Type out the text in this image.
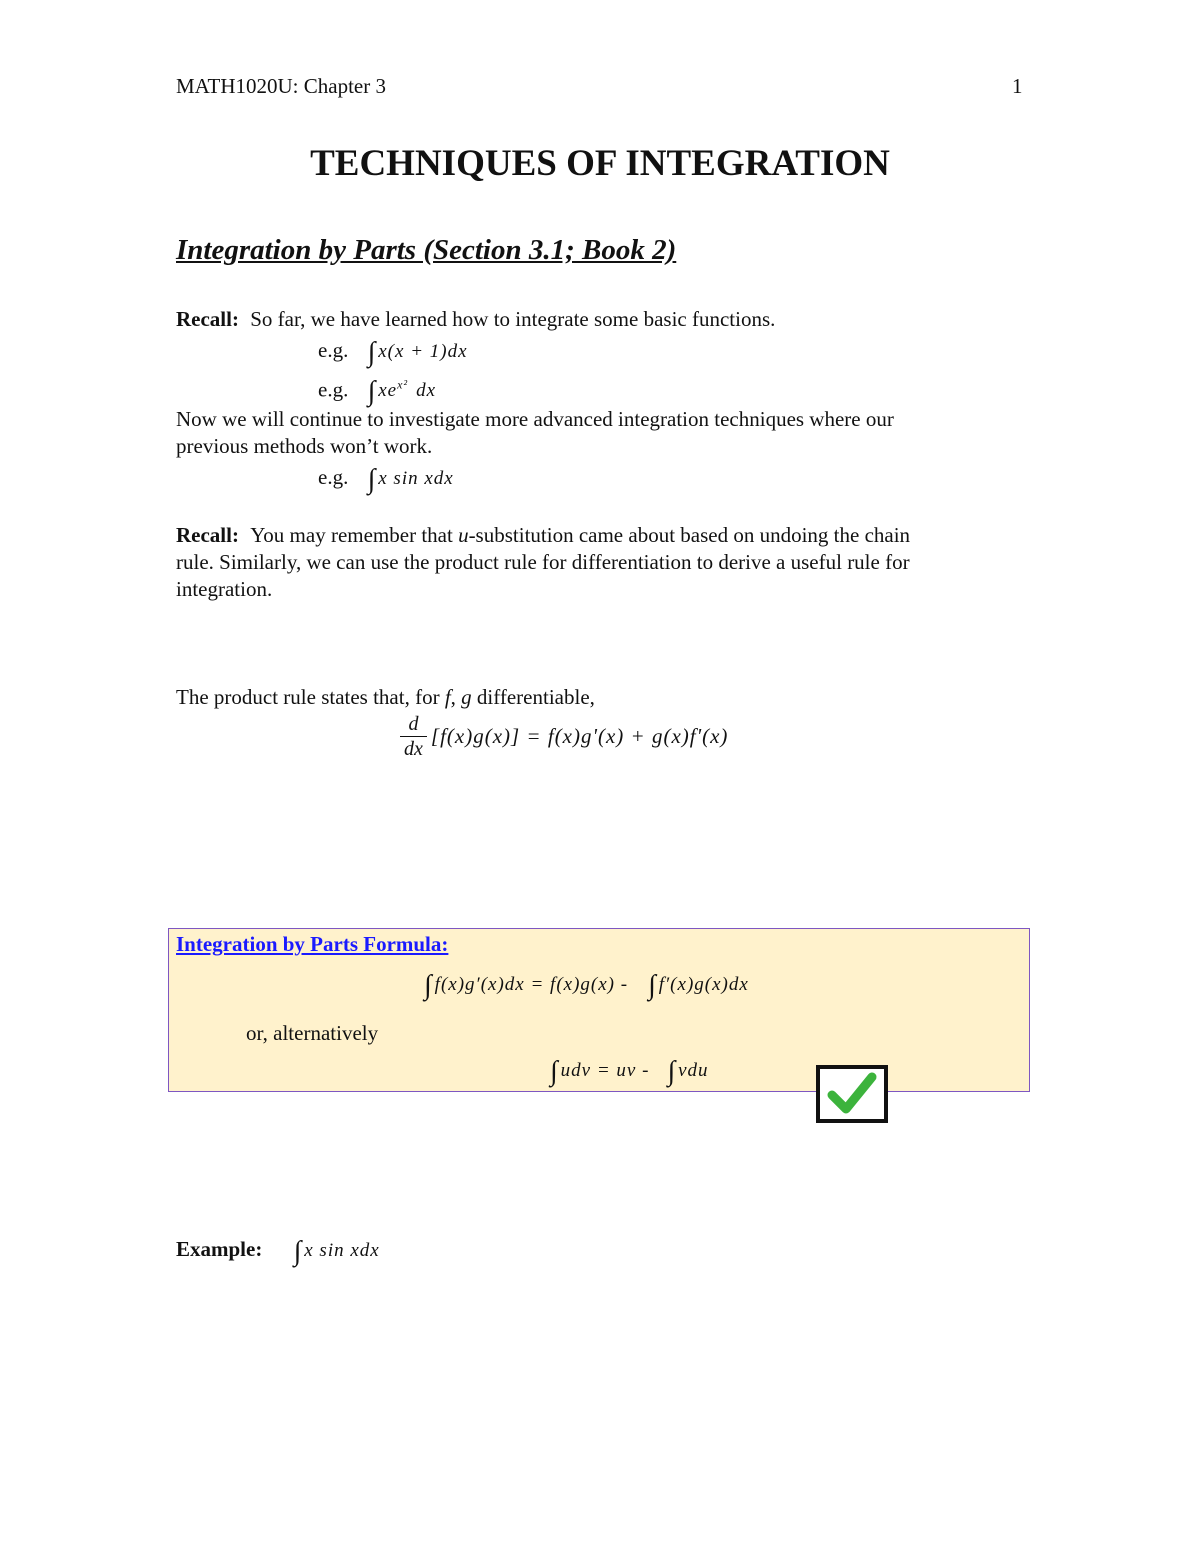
MATH1020U: Chapter 3	1
TECHNIQUES OF INTEGRATION
Integration by Parts (Section 3.1; Book 2)
Recall: So far, we have learned how to integrate some basic functions.
e.g. ∫ x(x + 1)dx
e.g. ∫ $xe^{x^2}$ dx
Now we will continue to investigate more advanced integration techniques where our
previous methods won’t work.
e.g. ∫ x sin xdx
Recall: You may remember that u-substitution came about based on undoing the chain
rule. Similarly, we can use the product rule for differentiation to derive a useful rule for
integration.
The product rule states that, for f, g differentiable,
$\frac{d}{dx} [f(x)g(x)] = f(x)g'(x) + g(x)f'(x)$
Integration by Parts Formula:
∫ f(x)g′(x)dx = f(x)g(x) - ∫ f′(x)g(x)dx
or, alternatively
∫ udv = uv - ∫ vdu
Example: ∫ x sin xdx
